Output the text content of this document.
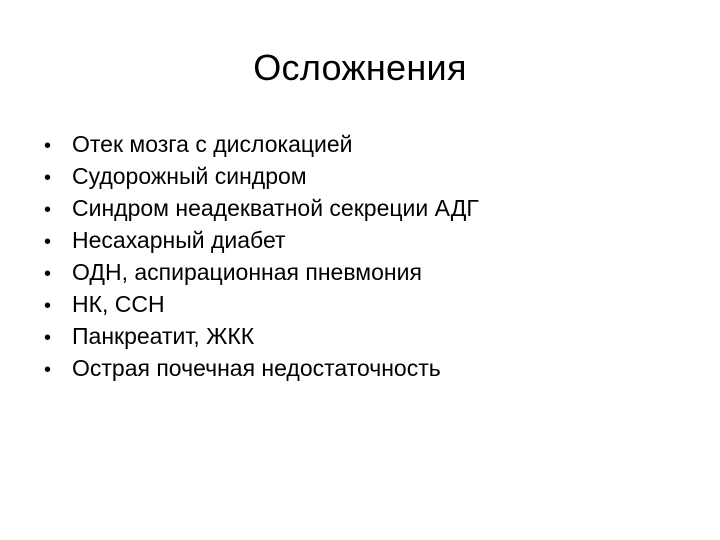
Осложнения
• Отек мозга с дислокацией
• Судорожный синдром
• Синдром неадекватной секреции АДГ
• Несахарный диабет
• ОДН, аспирационная пневмония
• НК, ССН
• Панкреатит, ЖКК
• Острая почечная недостаточность
